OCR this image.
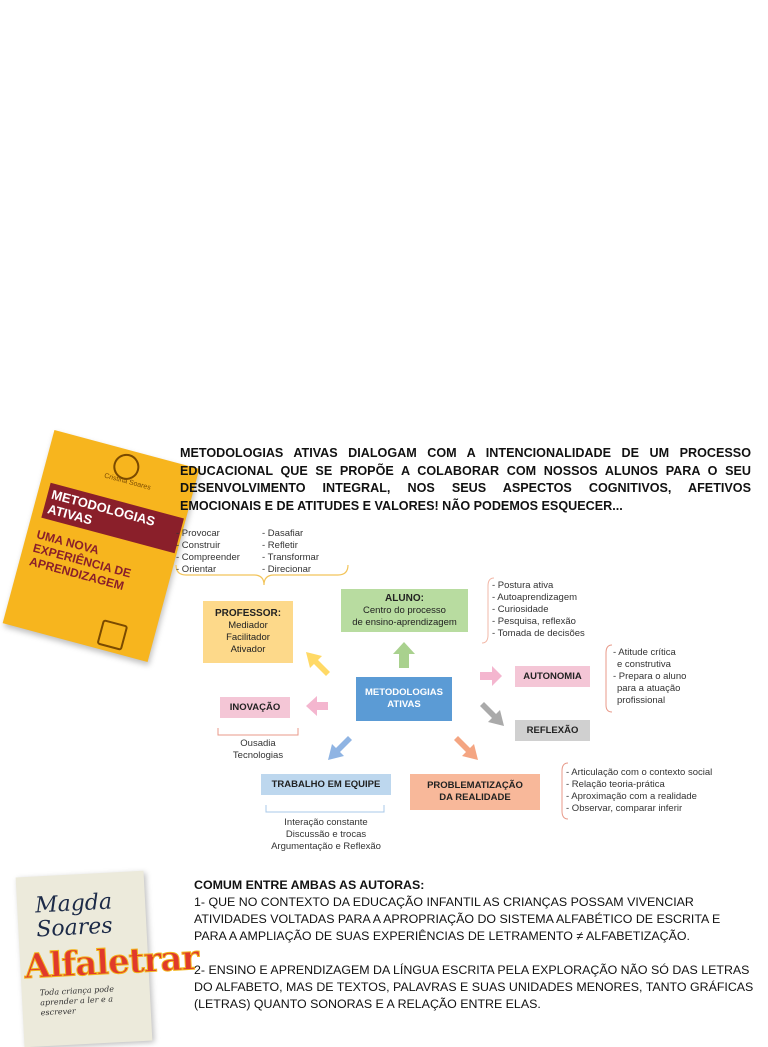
Cristina Soares
METODOLOGIAS ATIVAS
UMA NOVA EXPERIÊNCIA DE APRENDIZAGEM
METODOLOGIAS ATIVAS DIALOGAM COM A INTENCIONALIDADE DE UM PROCESSO EDUCACIONAL QUE SE PROPÕE A COLABORAR COM NOSSOS ALUNOS PARA O SEU DESENVOLVIMENTO INTEGRAL, NOS SEUS ASPECTOS COGNITIVOS, AFETIVOS EMOCIONAIS E DE ATITUDES E VALORES! NÃO PODEMOS ESQUECER...
- Provocar
- Construir
- Compreender
- Orientar
- Dasafiar
- Refletir
- Transformar
- Direcionar
PROFESSOR:
Mediador
Facilitador
Ativador
ALUNO:
Centro do processo
de ensino-aprendizagem
- Postura ativa
- Autoaprendizagem
- Curiosidade
- Pesquisa, reflexão
- Tomada de decisões
METODOLOGIAS ATIVAS
AUTONOMIA
- Atitude crítica
e construtiva
- Prepara o aluno
para a atuação
profissional
REFLEXÃO
INOVAÇÃO
Ousadia
Tecnologias
TRABALHO EM EQUIPE
Interação constante
Discussão e trocas
Argumentação e Reflexão
PROBLEMATIZAÇÃO
DA REALIDADE
- Articulação com o contexto social
- Relação teoria-prática
- Aproximação com a realidade
- Observar, comparar inferir
Magda Soares
Alfaletrar
Toda criança pode aprender a ler e a escrever

COMUM ENTRE AMBAS AS AUTORAS:

1- QUE NO CONTEXTO DA EDUCAÇÃO INFANTIL AS CRIANÇAS POSSAM VIVENCIAR ATIVIDADES VOLTADAS PARA A APROPRIAÇÃO DO SISTEMA ALFABÉTICO DE ESCRITA E PARA A AMPLIAÇÃO DE SUAS EXPERIÊNCIAS DE LETRAMENTO ≠ ALFABETIZAÇÃO.

2- ENSINO E APRENDIZAGEM DA LÍNGUA ESCRITA PELA EXPLORAÇÃO NÃO SÓ DAS LETRAS DO ALFABETO, MAS DE TEXTOS, PALAVRAS E SUAS UNIDADES MENORES, TANTO GRÁFICAS (LETRAS) QUANTO SONORAS E A RELAÇÃO ENTRE ELAS.
